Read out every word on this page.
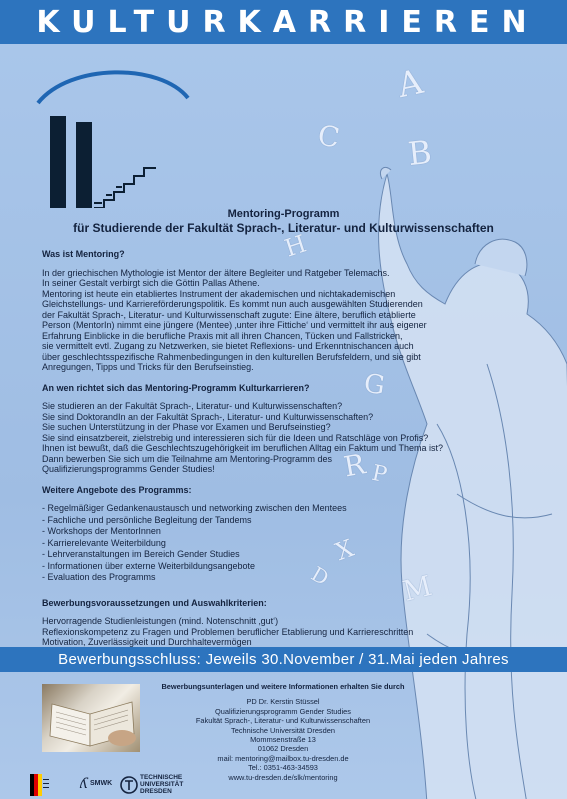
KULTURKARRIEREN
A
C B
H
G
R P
X
D M
Mentoring-Programm
für Studierende der Fakultät Sprach-, Literatur- und Kulturwissenschaften
Was ist Mentoring?

In der griechischen Mythologie ist Mentor der ältere Begleiter und Ratgeber Telemachs.
In seiner Gestalt verbirgt sich die Göttin Pallas Athene.
Mentoring ist heute ein etabliertes Instrument der akademischen und nichtakademischen
Gleichstellungs- und Karriereförderungspolitik. Es kommt nun auch ausgewählten Studierenden
der Fakultät Sprach-, Literatur- und Kulturwissenschaft zugute: Eine ältere, beruflich etablierte
Person (MentorIn) nimmt eine jüngere (Mentee) ‚unter ihre Fittiche‘ und vermittelt ihr aus eigener
Erfahrung Einblicke in die berufliche Praxis mit all ihren Chancen, Tücken und Fallstricken,
sie vermittelt evtl. Zugang zu Netzwerken, sie bietet Reflexions- und Erkenntnischancen auch
über geschlechtsspezifische Rahmenbedingungen in den kulturellen Berufsfeldern, und sie gibt
Anregungen, Tipps und Tricks für den Berufseinstieg.

An wen richtet sich das Mentoring-Programm Kulturkarrieren?

Sie studieren an der Fakultät Sprach-, Literatur- und Kulturwissenschaften?
Sie sind DoktorandIn an der Fakultät Sprach-, Literatur- und Kulturwissenschaften?
Sie suchen Unterstützung in der Phase vor Examen und Berufseinstieg?
Sie sind einsatzbereit, zielstrebig und interessieren sich für die Ideen und Ratschläge von Profis?
Ihnen ist bewußt, daß die Geschlechtszugehörigkeit im beruflichen Alltag ein Faktum und Thema ist?
Dann bewerben Sie sich um die Teilnahme am Mentoring-Programm des
Qualifizierungsprogramms Gender Studies!

Weitere Angebote des Programms:
- Regelmäßiger Gedankenaustausch und networking zwischen den Mentees
- Fachliche und persönliche Begleitung der Tandems
- Workshops der MentorInnen
- Karrierelevante Weiterbildung
- Lehrveranstaltungen im Bereich Gender Studies
- Informationen über externe Weiterbildungsangebote
- Evaluation des Programms
Bewerbungsvoraussetzungen und Auswahlkriterien:

Hervorragende Studienleistungen (mind. Notenschnitt ‚gut‘)
Reflexionskompetenz zu Fragen und Problemen beruflicher Etablierung und Karriereschritten
Motivation, Zuverlässigkeit und Durchhaltevermögen

Bewerbungsschluss: Jeweils 30.November / 31.Mai jeden Jahres
Bewerbungsunterlagen und weitere Informationen erhalten Sie durch
PD Dr. Kerstin Stüssel
Qualifizierungsprogramm Gender Studies
Fakultät Sprach-, Literatur- und Kulturwissenschaften
Technische Universität Dresden
Mommsenstraße 13
01062 Dresden
mail: mentoring@mailbox.tu-dresden.de
Tel.: 0351-463-34593
www.tu-dresden.de/slk/mentoring
ʎ SMWK
TECHNISCHE
UNIVERSITÄT
DRESDEN
